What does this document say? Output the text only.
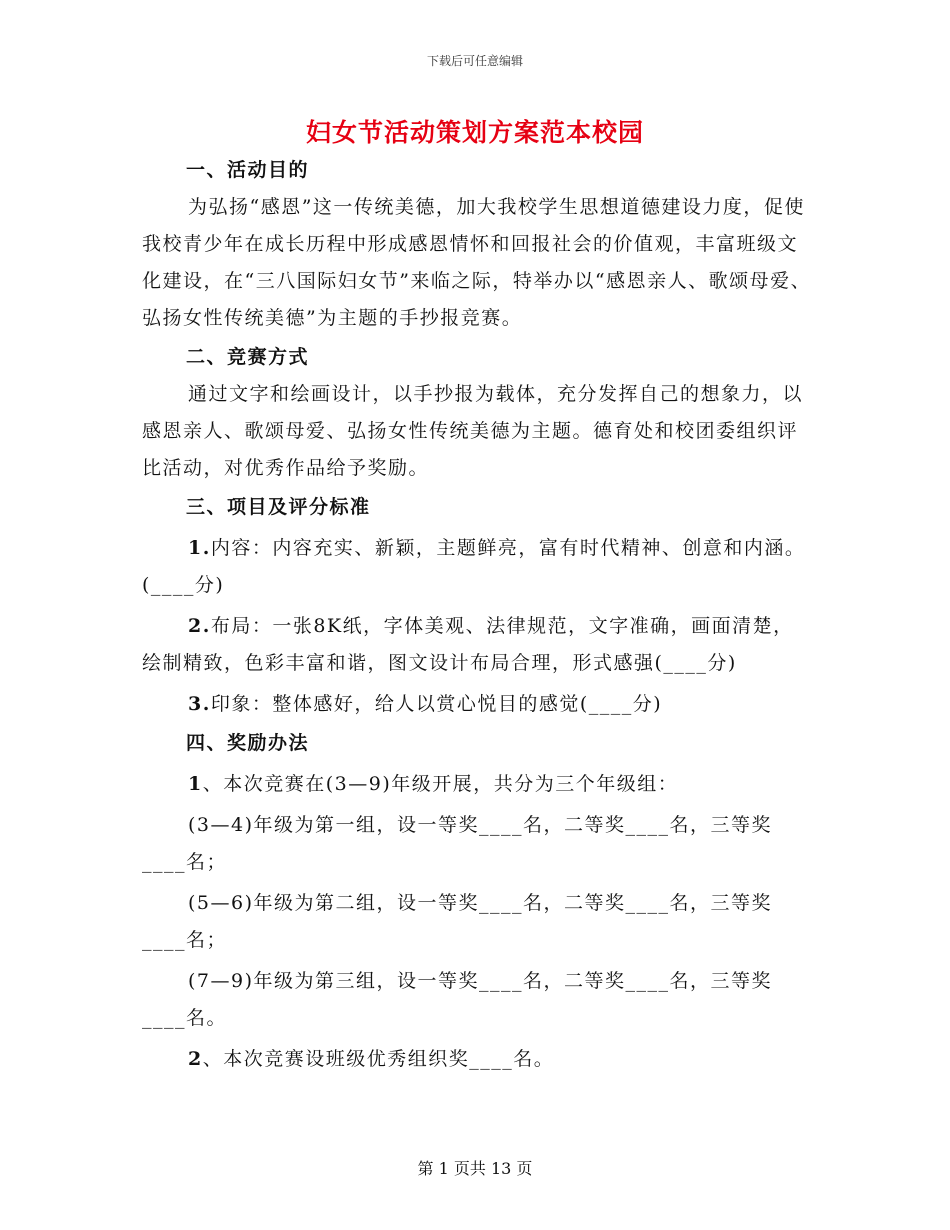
下载后可任意编辑
妇女节活动策划方案范本校园
一、活动目的

为弘扬“感恩”这一传统美德，加大我校学生思想道德建设力度，促使我校青少年在成长历程中形成感恩情怀和回报社会的价值观，丰富班级文化建设，在“三八国际妇女节”来临之际，特举办以“感恩亲人、歌颂母爱、弘扬女性传统美德”为主题的手抄报竞赛。

二、竞赛方式

通过文字和绘画设计，以手抄报为载体，充分发挥自己的想象力，以感恩亲人、歌颂母爱、弘扬女性传统美德为主题。德育处和校团委组织评比活动，对优秀作品给予奖励。

三、项目及评分标准

1.内容：内容充实、新颖，主题鲜亮，富有时代精神、创意和内涵。(____分)

2.布局：一张8K纸，字体美观、法律规范，文字准确，画面清楚，绘制精致，色彩丰富和谐，图文设计布局合理，形式感强(____分)

3.印象：整体感好，给人以赏心悦目的感觉(____分)

四、奖励办法

1、本次竞赛在(3—9)年级开展，共分为三个年级组：

(3—4)年级为第一组，设一等奖____名，二等奖____名，三等奖____名；

(5—6)年级为第二组，设一等奖____名，二等奖____名，三等奖____名；

(7—9)年级为第三组，设一等奖____名，二等奖____名，三等奖____名。

2、本次竞赛设班级优秀组织奖____名。

第 1 页共 13 页
